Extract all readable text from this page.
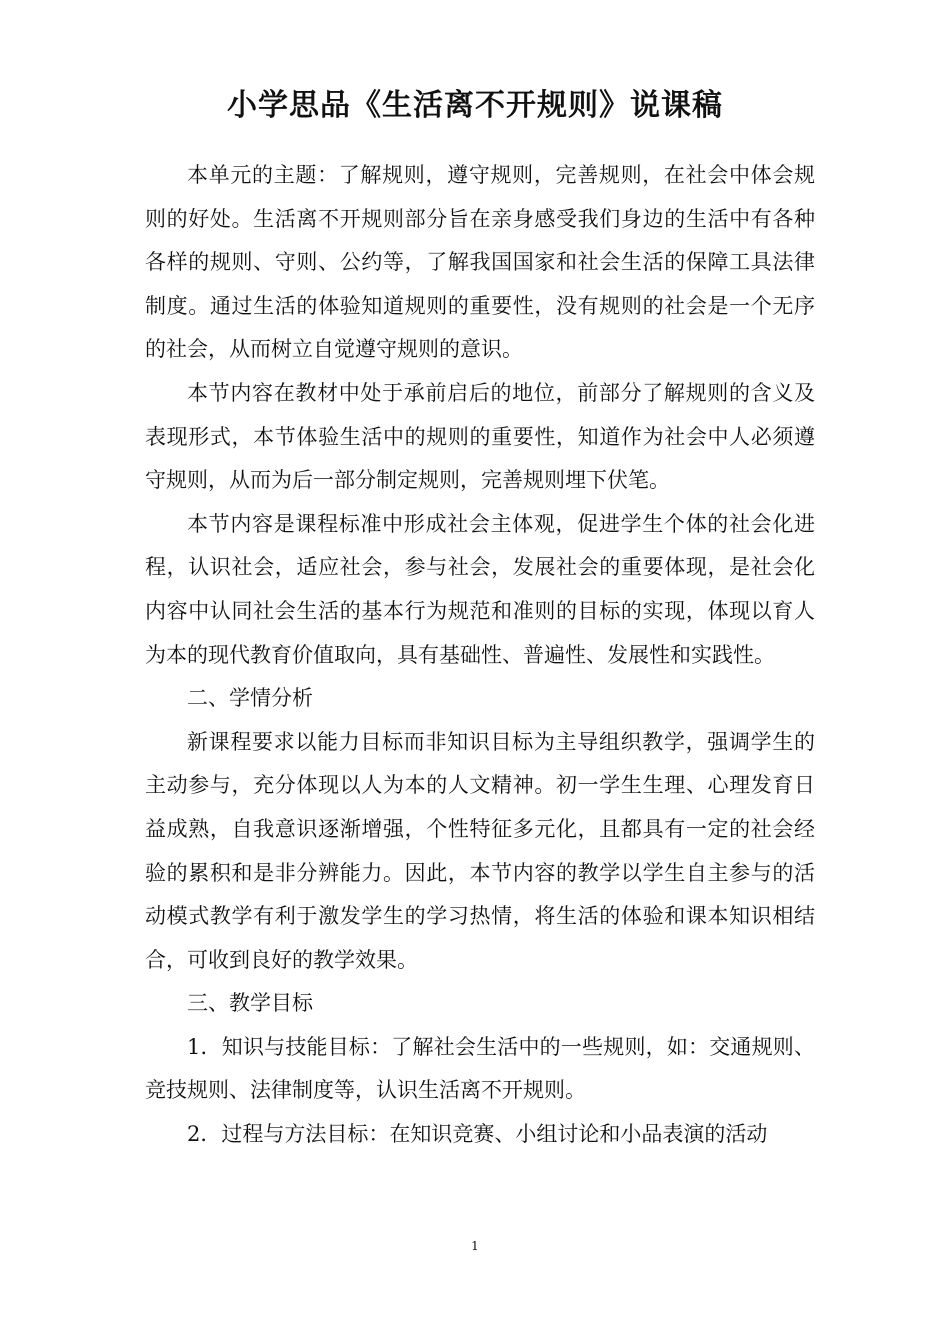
小学思品《生活离不开规则》说课稿

本单元的主题：了解规则，遵守规则，完善规则，在社会中体会规则的好处。生活离不开规则部分旨在亲身感受我们身边的生活中有各种各样的规则、守则、公约等，了解我国国家和社会生活的保障工具法律制度。通过生活的体验知道规则的重要性，没有规则的社会是一个无序的社会，从而树立自觉遵守规则的意识。

本节内容在教材中处于承前启后的地位，前部分了解规则的含义及表现形式，本节体验生活中的规则的重要性，知道作为社会中人必须遵守规则，从而为后一部分制定规则，完善规则埋下伏笔。

本节内容是课程标准中形成社会主体观，促进学生个体的社会化进程，认识社会，适应社会，参与社会，发展社会的重要体现，是社会化内容中认同社会生活的基本行为规范和准则的目标的实现，体现以育人为本的现代教育价值取向，具有基础性、普遍性、发展性和实践性。

二、学情分析

新课程要求以能力目标而非知识目标为主导组织教学，强调学生的主动参与，充分体现以人为本的人文精神。初一学生生理、心理发育日益成熟，自我意识逐渐增强，个性特征多元化，且都具有一定的社会经验的累积和是非分辨能力。因此，本节内容的教学以学生自主参与的活动模式教学有利于激发学生的学习热情，将生活的体验和课本知识相结合，可收到良好的教学效果。

三、教学目标

1．知识与技能目标：了解社会生活中的一些规则，如：交通规则、竞技规则、法律制度等，认识生活离不开规则。

2．过程与方法目标：在知识竞赛、小组讨论和小品表演的活动

1
